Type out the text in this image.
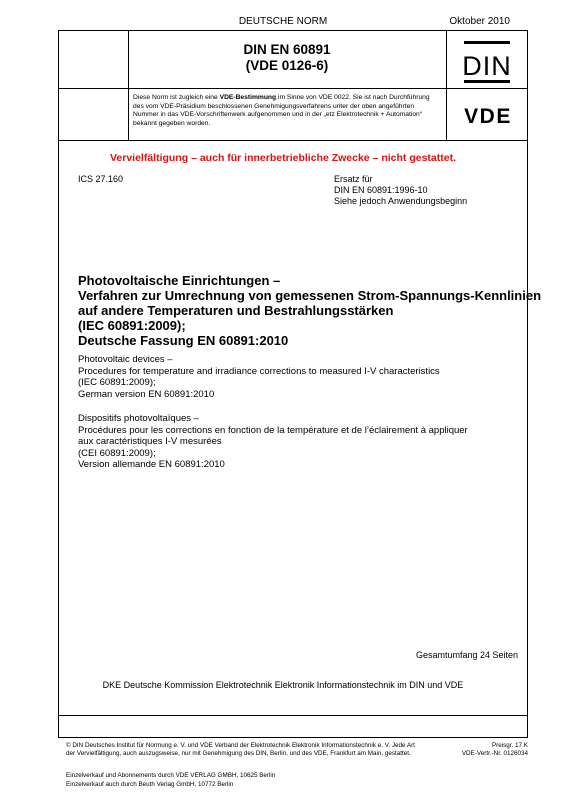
DEUTSCHE NORM	Oktober 2010
DIN EN 60891
(VDE 0126-6)	DIN
Diese Norm ist zugleich eine VDE-Bestimmung im Sinne von VDE 0022. Sie ist nach Durchführung des vom VDE-Präsidium beschlossenen Genehmigungsverfahrens unter der oben angeführten Nummer in das VDE-Vorschriftenwerk aufgenommen und in der „etz Elektrotechnik + Automation“ bekannt gegeben worden.	VDE
Vervielfältigung – auch für innerbetriebliche Zwecke – nicht gestattet.
ICS 27.160	Ersatz für
DIN EN 60891:1996-10
Siehe jedoch Anwendungsbeginn
Photovoltaische Einrichtungen –
Verfahren zur Umrechnung von gemessenen Strom-Spannungs-Kennlinien
auf andere Temperaturen und Bestrahlungsstärken
(IEC 60891:2009);
Deutsche Fassung EN 60891:2010
Photovoltaic devices –
Procedures for temperature and irradiance corrections to measured I-V characteristics
(IEC 60891:2009);
German version EN 60891:2010
Dispositifs photovoltaïques –
Procédures pour les corrections en fonction de la température et de l’éclairement à appliquer
aux caractéristiques I-V mesurées
(CEI 60891:2009);
Version allemande EN 60891:2010
Gesamtumfang 24 Seiten
DKE Deutsche Kommission Elektrotechnik Elektronik Informationstechnik im DIN und VDE
© DIN Deutsches Institut für Normung e. V. und VDE Verband der Elektrotechnik Elektronik Informationstechnik e. V. Jede Art der Vervielfältigung, auch auszugsweise, nur mit Genehmigung des DIN, Berlin, und des VDE, Frankfurt am Main, gestattet.
Preisgr. 17 K
VDE-Vertr.-Nr. 0126034
Einzelverkauf und Abonnements durch VDE VERLAG GMBH, 10625 Berlin
Einzelverkauf auch durch Beuth Verlag GmbH, 10772 Berlin
